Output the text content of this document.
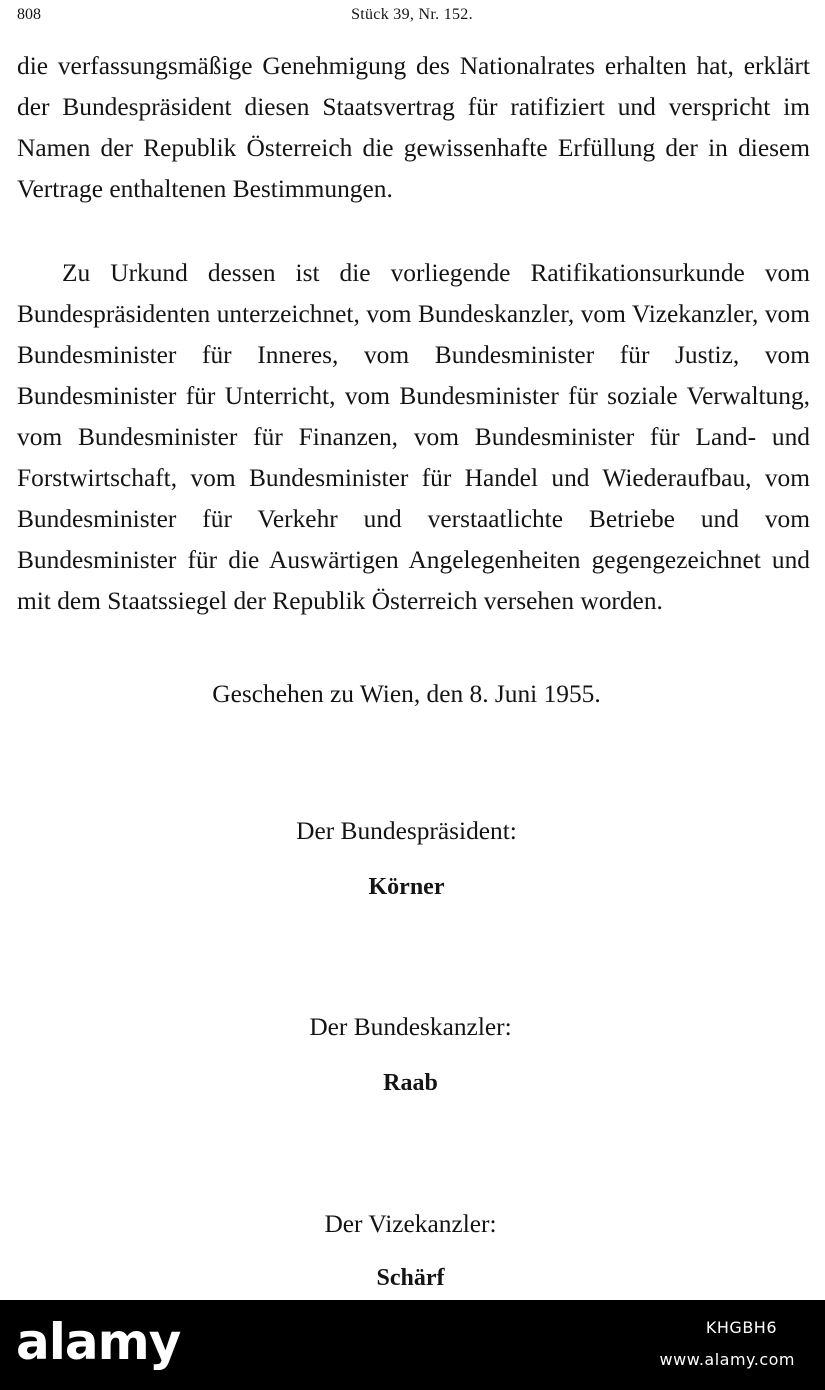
808	Stück 39, Nr. 152.

die verfassungsmäßige Genehmigung des Nationalrates erhalten hat, erklärt der Bundespräsident diesen Staatsvertrag für ratifiziert und verspricht im Namen der Republik Österreich die gewissenhafte Erfüllung der in diesem Vertrage enthaltenen Bestimmungen.

Zu Urkund dessen ist die vorliegende Ratifikationsurkunde vom Bundespräsidenten unterzeichnet, vom Bundeskanzler, vom Vizekanzler, vom Bundesminister für Inneres, vom Bundesminister für Justiz, vom Bundesminister für Unterricht, vom Bundesminister für soziale Verwaltung, vom Bundesminister für Finanzen, vom Bundesminister für Land- und Forstwirtschaft, vom Bundesminister für Handel und Wiederaufbau, vom Bundesminister für Verkehr und verstaatlichte Betriebe und vom Bundesminister für die Auswärtigen Angelegenheiten gegengezeichnet und mit dem Staatssiegel der Republik Österreich versehen worden.

Geschehen zu Wien, den 8. Juni 1955.

Der Bundespräsident:

Körner

Der Bundeskanzler:

Raab

Der Vizekanzler:

Schärf

alamy	KHGBH6
www.alamy.com
